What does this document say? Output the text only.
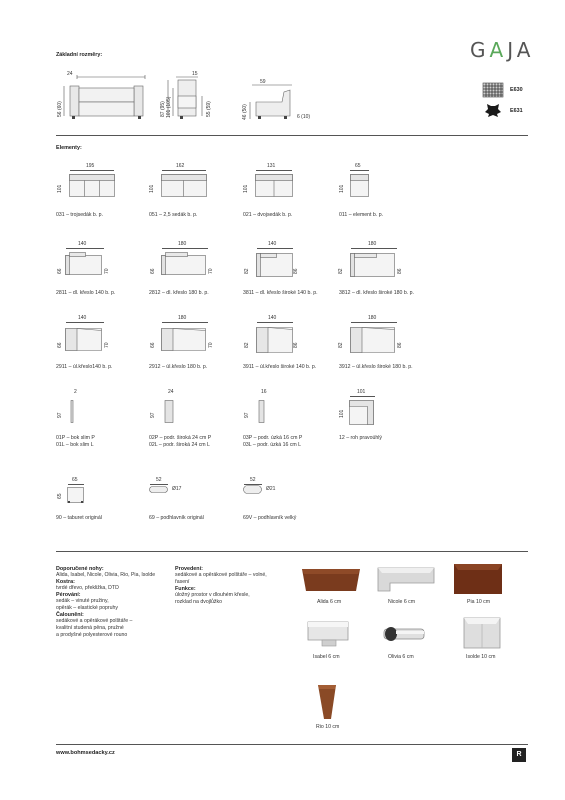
Základní rozměry:	GAJA
24
56 (60)
15
87 (95) 101 (105)	55 (59)
59
46 (50)	6 (10)
E630
E631
Elementy:
195
101
031 – trojsedák b. p.
162
101
051 – 2,5 sedák b. p.
131
101
021 – dvojsedák b. p.
65
101
011 – element b. p.
140
66	70
2811 – dl. křeslo 140 b. p.
180
66	70
2812 – dl. křeslo 180 b. p.
140
82	86
3811 – dl. křeslo široké 140 b. p.
180
82	86
3812 – dl. křeslo široké 180 b. p.
140
66	70
2911 – úl.křeslo140 b. p.
180
66	70
2912 – úl.křeslo 180 b. p.
140
82	86
3911 – úl.křeslo široké 140 b. p.
180
82	86
3912 – úl.křeslo široké 180 b. p.
2
97
01P – bok slim P
01L – bok slim L
24
97
02P – podr. široká 24 cm P
02L – podr. široká 24 cm L
16
97
03P – podr. úzká 16 cm P
03L – podr. úzká 16 cm L
101
101
12 – roh pravoúhlý
65
65
90 – taburet originál
52
Ø17
69 – podhlavník originál
52
Ø21
69V – podhlavník velký
Doporučené nohy:
Alida, Isabel, Nicole, Olivia, Rio, Pia, Isolde
Kostra:
tvrdé dřevo, překližka, DTD
Pérování:
sedák – vinuté pružiny,
opěrák – elastické popruhy
Čalounění:
sedákové a opěrákové polštáře –
kvalitní studená pěna, pružné
a prodyšné polyesterové rouno
Provedení:
sedákové a opěrákové polštáře – volné,
řasení
Funkce:
úložný prostor v dlouhém křesle,
rozklad na dvojlůžko	Alida 6 cm	Nicole 6 cm	Pia 10 cm
Isabel 6 cm	Olivia 6 cm	Isolde 10 cm
Rio 10 cm
www.bohmsedacky.cz	R
